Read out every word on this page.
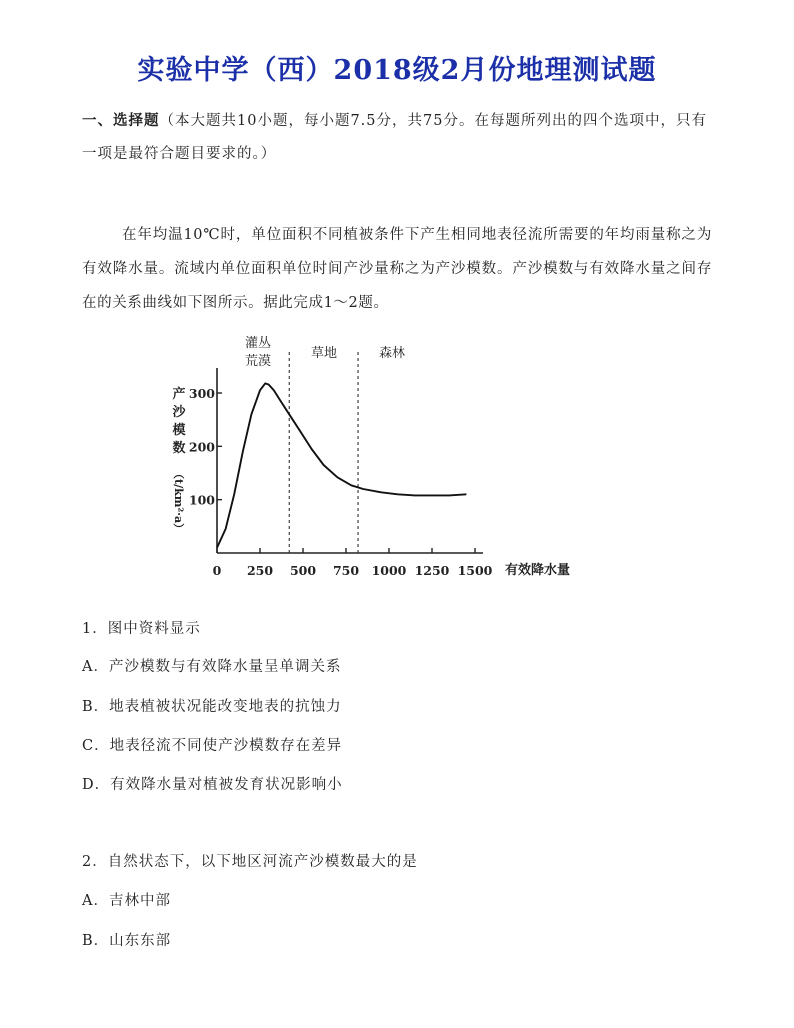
实验中学（西）2018级2月份地理测试题
一、选择题（本大题共10小题，每小题7.5分，共75分。在每题所列出的四个选项中，只有一项是最符合题目要求的。）
在年均温10℃时，单位面积不同植被条件下产生相同地表径流所需要的年均雨量称之为有效降水量。流域内单位面积单位时间产沙量称之为产沙模数。产沙模数与有效降水量之间存在的关系曲线如下图所示。据此完成1～2题。
0 250 500 750 1000 1250 1500
100
200
300
灌丛
荒漠
草地	森林
产
沙
模
数
（t/km²·a）
有效降水量
1．图中资料显示
A．产沙模数与有效降水量呈单调关系
B．地表植被状况能改变地表的抗蚀力
C．地表径流不同使产沙模数存在差异
D．有效降水量对植被发育状况影响小
2．自然状态下，以下地区河流产沙模数最大的是
A．吉林中部
B．山东东部
